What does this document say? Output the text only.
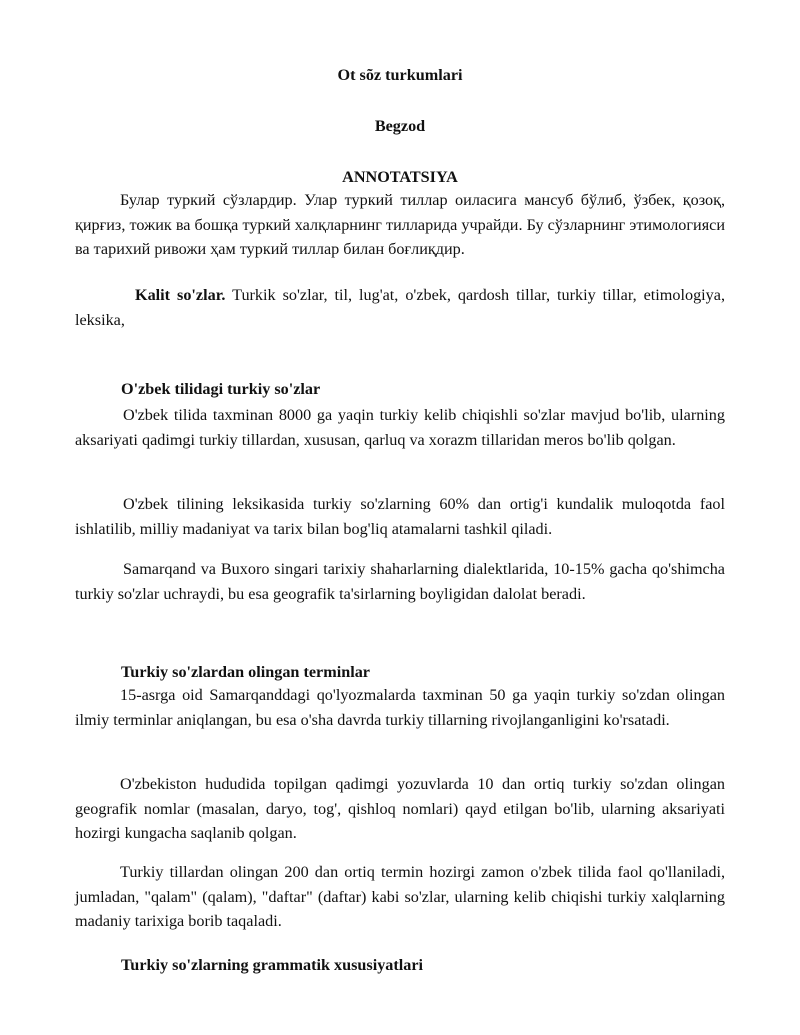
Ot sõz turkumlari
Begzod
ANNOTATSIYA

Булар туркий сўзлардир. Улар туркий тиллар оиласига мансуб бўлиб, ўзбек, қозоқ, қирғиз, тожик ва бошқа туркий халқларнинг тилларида учрайди. Бу сўзларнинг этимологияси ва тарихий ривожи ҳам туркий тиллар билан боғлиқдир.

Kalit so'zlar. Turkik so'zlar, til, lug'at, o'zbek, qardosh tillar, turkiy tillar, etimologiya, leksika,

O'zbek tilidagi turkiy so'zlar

O'zbek tilida taxminan 8000 ga yaqin turkiy kelib chiqishli so'zlar mavjud bo'lib, ularning aksariyati qadimgi turkiy tillardan, xususan, qarluq va xorazm tillaridan meros bo'lib qolgan.

O'zbek tilining leksikasida turkiy so'zlarning 60% dan ortig'i kundalik muloqotda faol ishlatilib, milliy madaniyat va tarix bilan bog'liq atamalarni tashkil qiladi.

Samarqand va Buxoro singari tarixiy shaharlarning dialektlarida, 10-15% gacha qo'shimcha turkiy so'zlar uchraydi, bu esa geografik ta'sirlarning boyligidan dalolat beradi.

Turkiy so'zlardan olingan terminlar

15-asrga oid Samarqanddagi qo'lyozmalarda taxminan 50 ga yaqin turkiy so'zdan olingan ilmiy terminlar aniqlangan, bu esa o'sha davrda turkiy tillarning rivojlanganligini ko'rsatadi.

O'zbekiston hududida topilgan qadimgi yozuvlarda 10 dan ortiq turkiy so'zdan olingan geografik nomlar (masalan, daryo, tog', qishloq nomlari) qayd etilgan bo'lib, ularning aksariyati hozirgi kungacha saqlanib qolgan.

Turkiy tillardan olingan 200 dan ortiq termin hozirgi zamon o'zbek tilida faol qo'llaniladi, jumladan, "qalam" (qalam), "daftar" (daftar) kabi so'zlar, ularning kelib chiqishi turkiy xalqlarning madaniy tarixiga borib taqaladi.

Turkiy so'zlarning grammatik xususiyatlari
